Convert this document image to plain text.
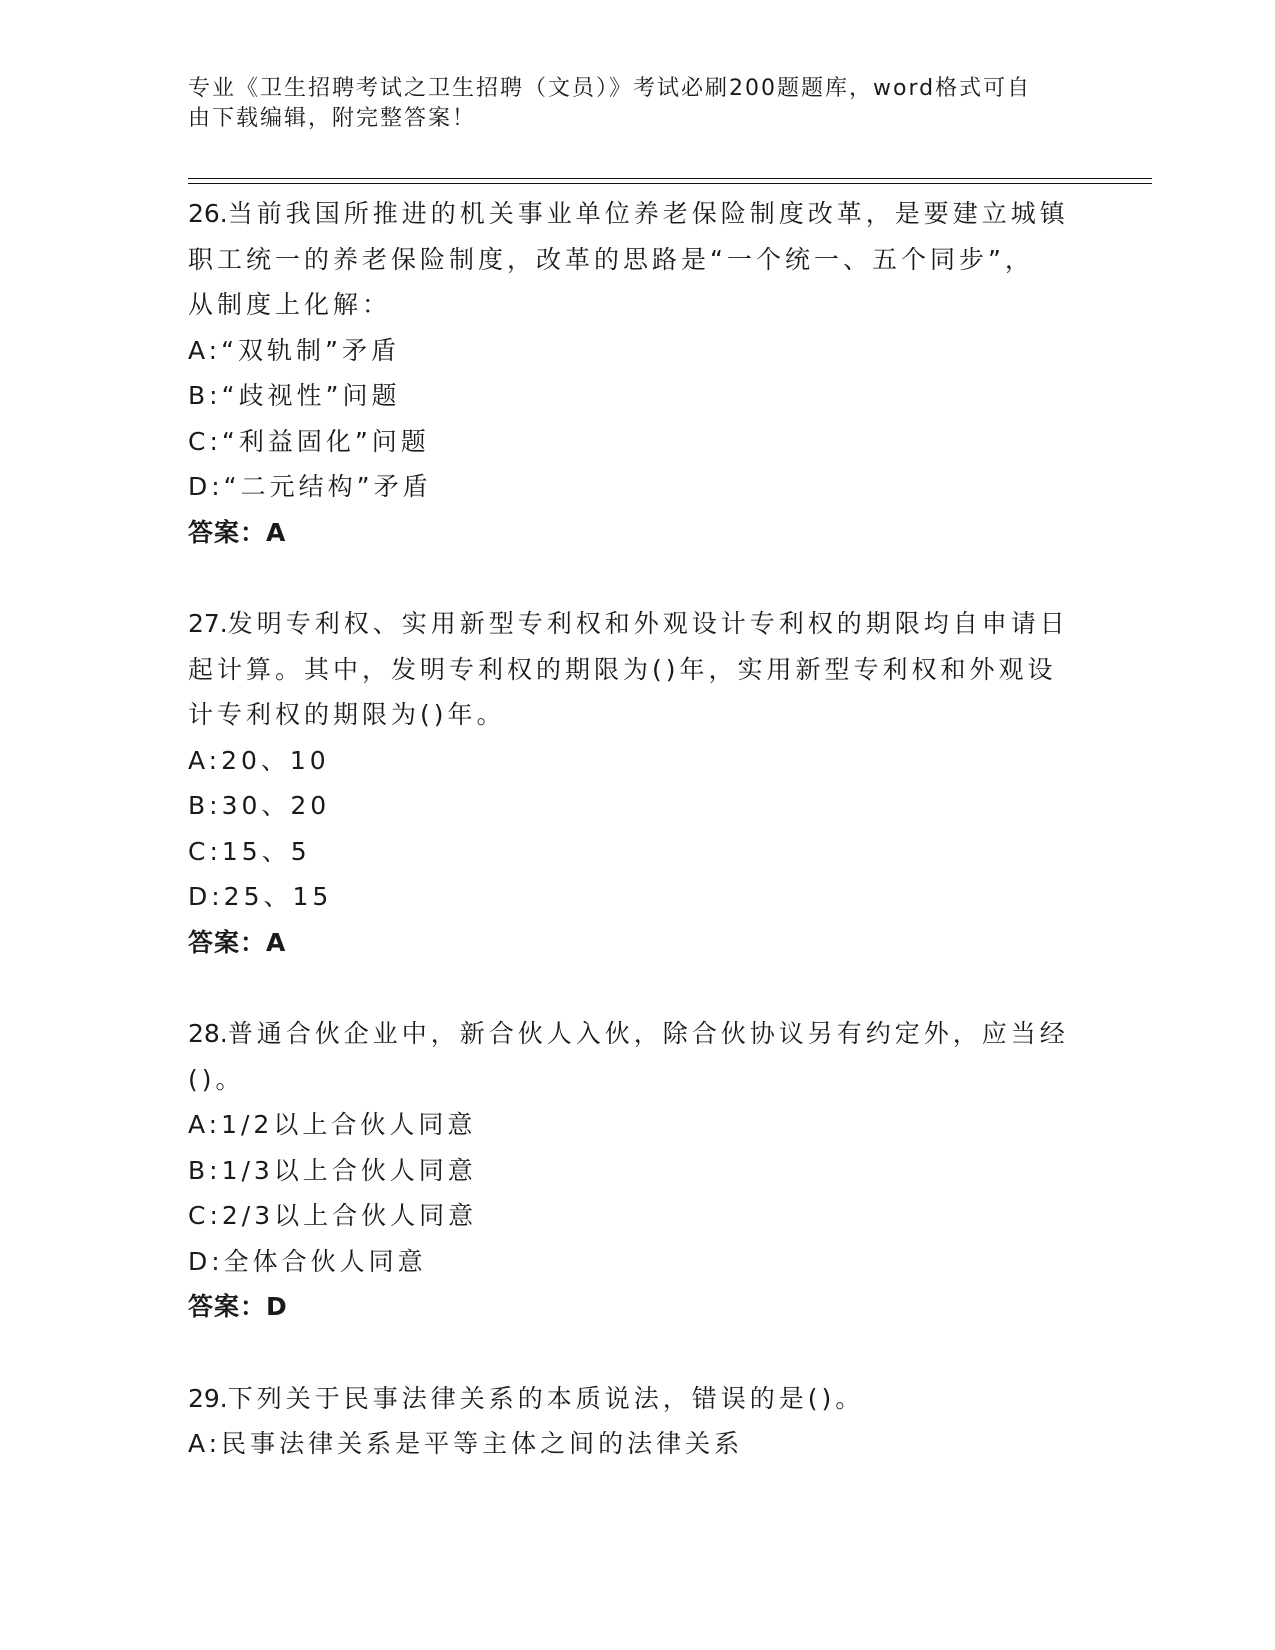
专业《卫生招聘考试之卫生招聘（文员）》考试必刷200题题库，word格式可自
由下载编辑，附完整答案！
26.当前我国所推进的机关事业单位养老保险制度改革，是要建立城镇
职工统一的养老保险制度，改革的思路是“一个统一、五个同步”，
从制度上化解：
A:“双轨制”矛盾
B:“歧视性”问题
C:“利益固化”问题
D:“二元结构”矛盾
答案：A
27.发明专利权、实用新型专利权和外观设计专利权的期限均自申请日
起计算。其中，发明专利权的期限为()年，实用新型专利权和外观设
计专利权的期限为()年。
A:20、10
B:30、20
C:15、5
D:25、15
答案：A
28.普通合伙企业中，新合伙人入伙，除合伙协议另有约定外，应当经
()。
A:1/2以上合伙人同意
B:1/3以上合伙人同意
C:2/3以上合伙人同意
D:全体合伙人同意
答案：D
29.下列关于民事法律关系的本质说法，错误的是()。
A:民事法律关系是平等主体之间的法律关系
